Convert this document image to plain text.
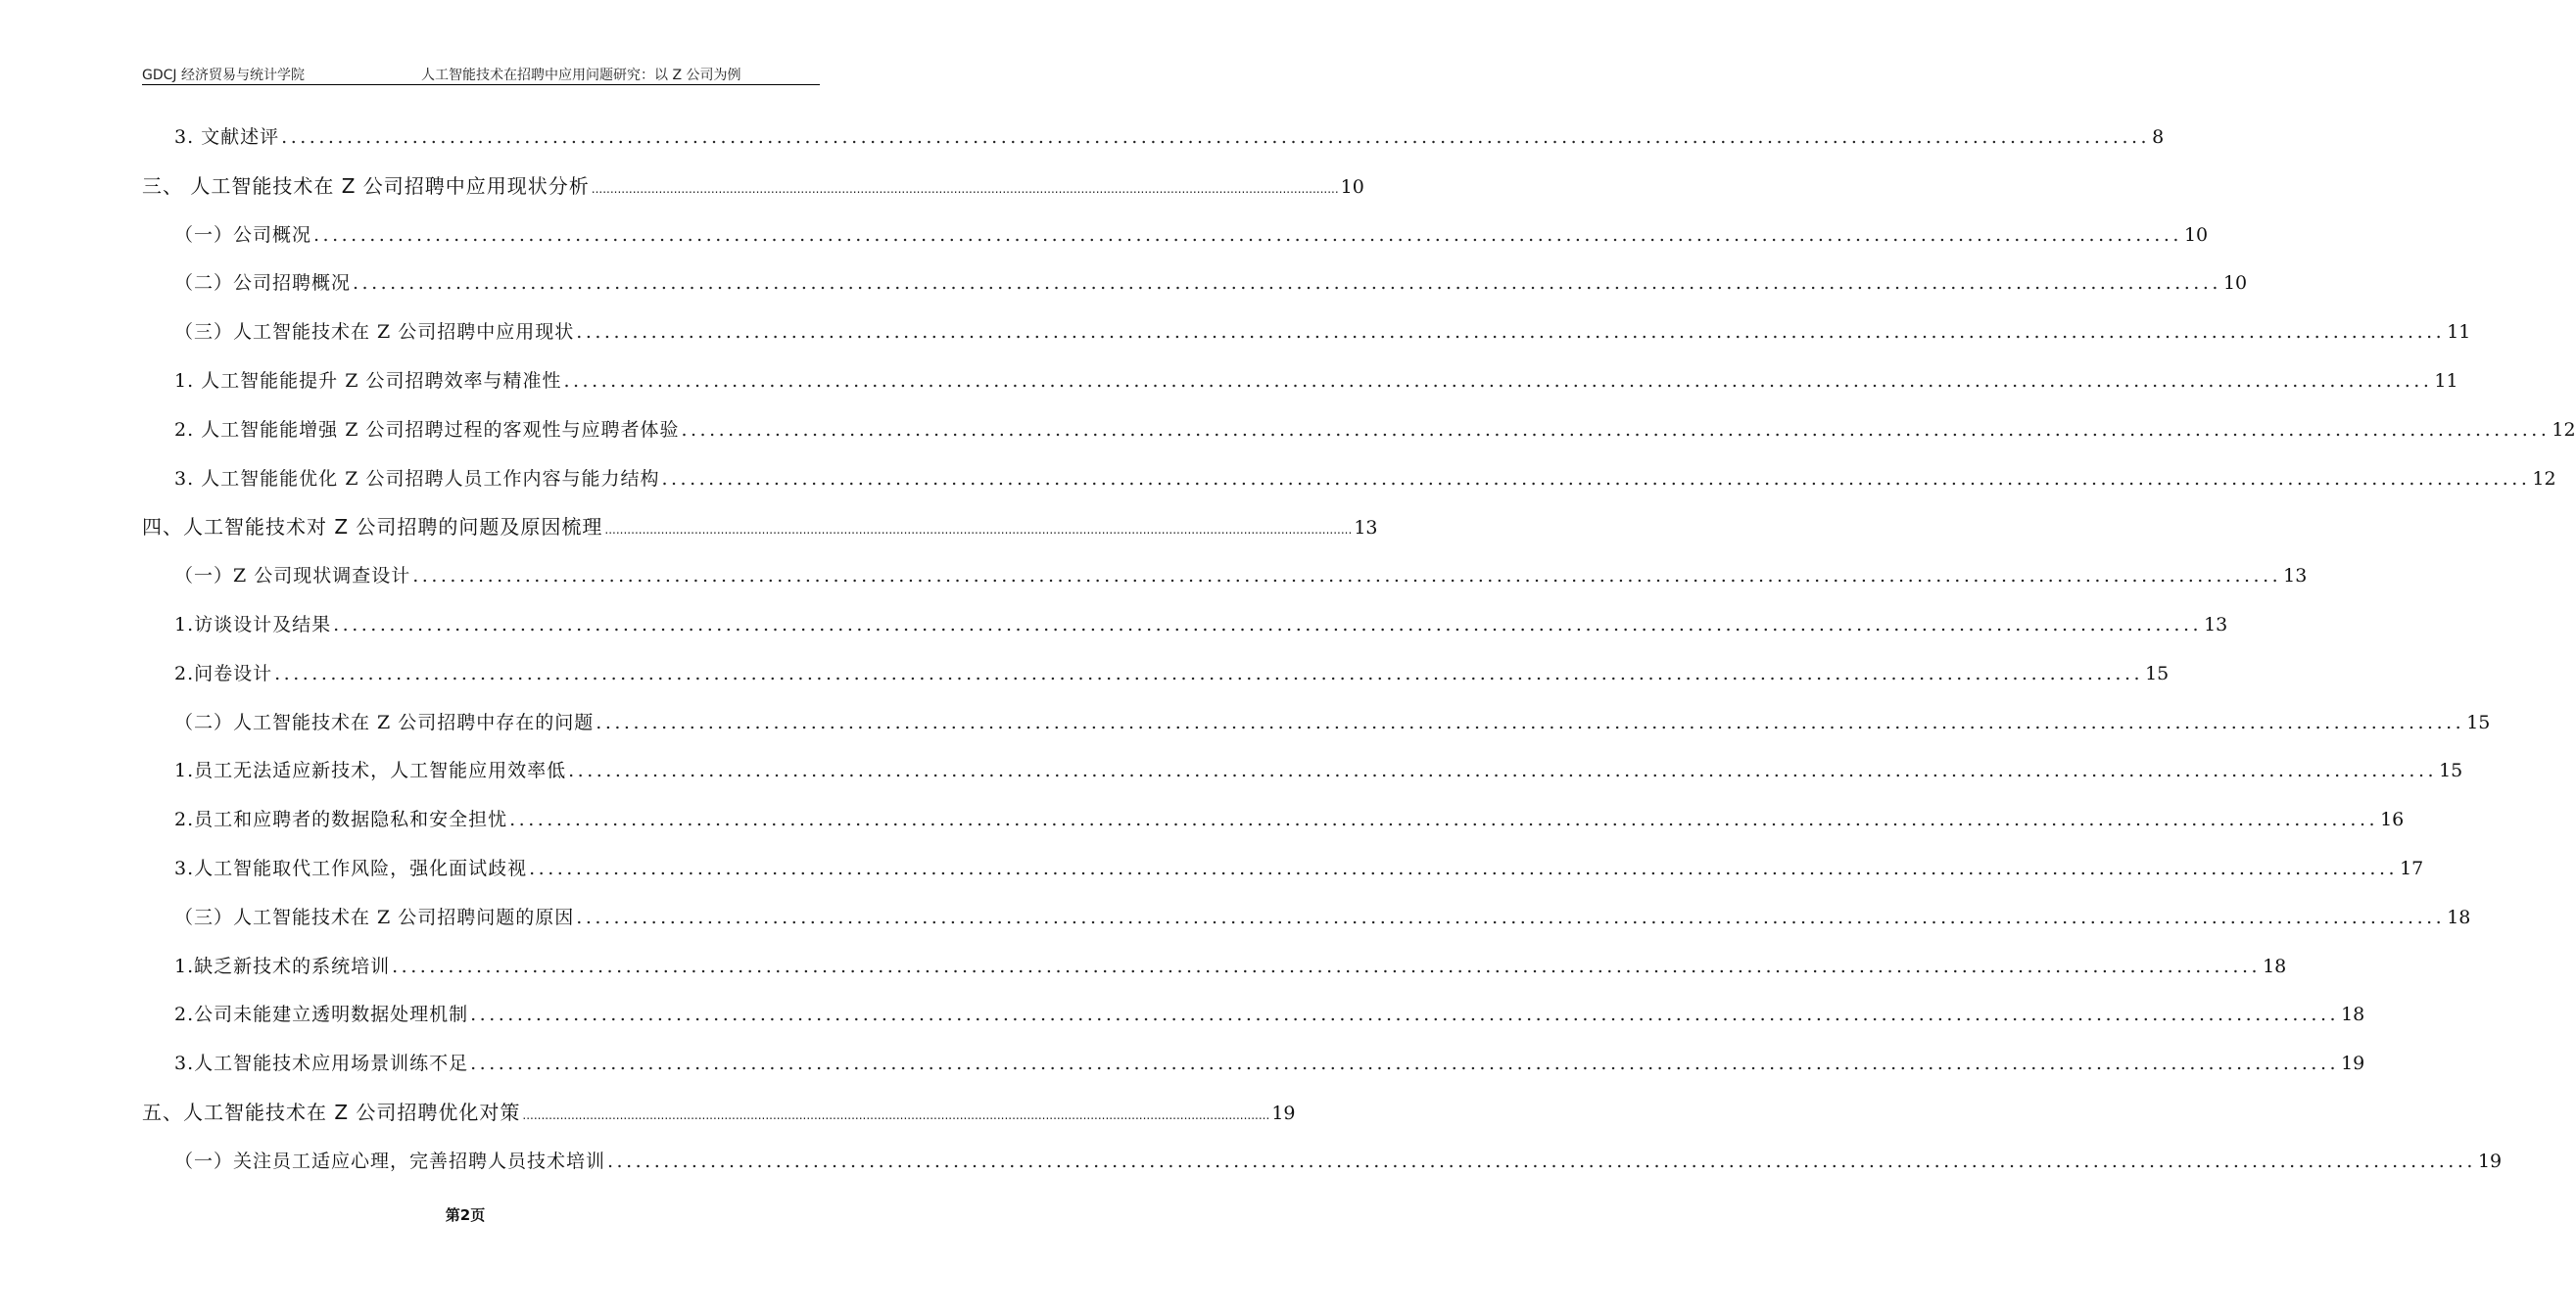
GDCJ 经济贸易与统计学院	人工智能技术在招聘中应用问题研究：以 Z 公司为例
3. 文献述评 ........................................................................................................................................................................................................ 8
三、 人工智能技术在 Z 公司招聘中应用现状分析 ........................................................................................................................................................................................................ 10
（一）公司概况 ........................................................................................................................................................................................................ 10
（二）公司招聘概况 ........................................................................................................................................................................................................ 10
（三）人工智能技术在 Z 公司招聘中应用现状 ........................................................................................................................................................................................................ 11
1. 人工智能能提升 Z 公司招聘效率与精准性 ........................................................................................................................................................................................................ 11
2. 人工智能能增强 Z 公司招聘过程的客观性与应聘者体验 ........................................................................................................................................................................................................ 12
3. 人工智能能优化 Z 公司招聘人员工作内容与能力结构 ........................................................................................................................................................................................................ 12
四、人工智能技术对 Z 公司招聘的问题及原因梳理 ........................................................................................................................................................................................................ 13
（一）Z 公司现状调查设计 ........................................................................................................................................................................................................ 13
1.访谈设计及结果 ........................................................................................................................................................................................................ 13
2.问卷设计 ........................................................................................................................................................................................................ 15
（二）人工智能技术在 Z 公司招聘中存在的问题 ........................................................................................................................................................................................................ 15
1.员工无法适应新技术，人工智能应用效率低 ........................................................................................................................................................................................................ 15
2.员工和应聘者的数据隐私和安全担忧 ........................................................................................................................................................................................................ 16
3.人工智能取代工作风险，强化面试歧视 ........................................................................................................................................................................................................ 17
（三）人工智能技术在 Z 公司招聘问题的原因 ........................................................................................................................................................................................................ 18
1.缺乏新技术的系统培训 ........................................................................................................................................................................................................ 18
2.公司未能建立透明数据处理机制 ........................................................................................................................................................................................................ 18
3.人工智能技术应用场景训练不足 ........................................................................................................................................................................................................ 19
五、人工智能技术在 Z 公司招聘优化对策 ........................................................................................................................................................................................................ 19
（一）关注员工适应心理，完善招聘人员技术培训 ........................................................................................................................................................................................................ 19
第2页
